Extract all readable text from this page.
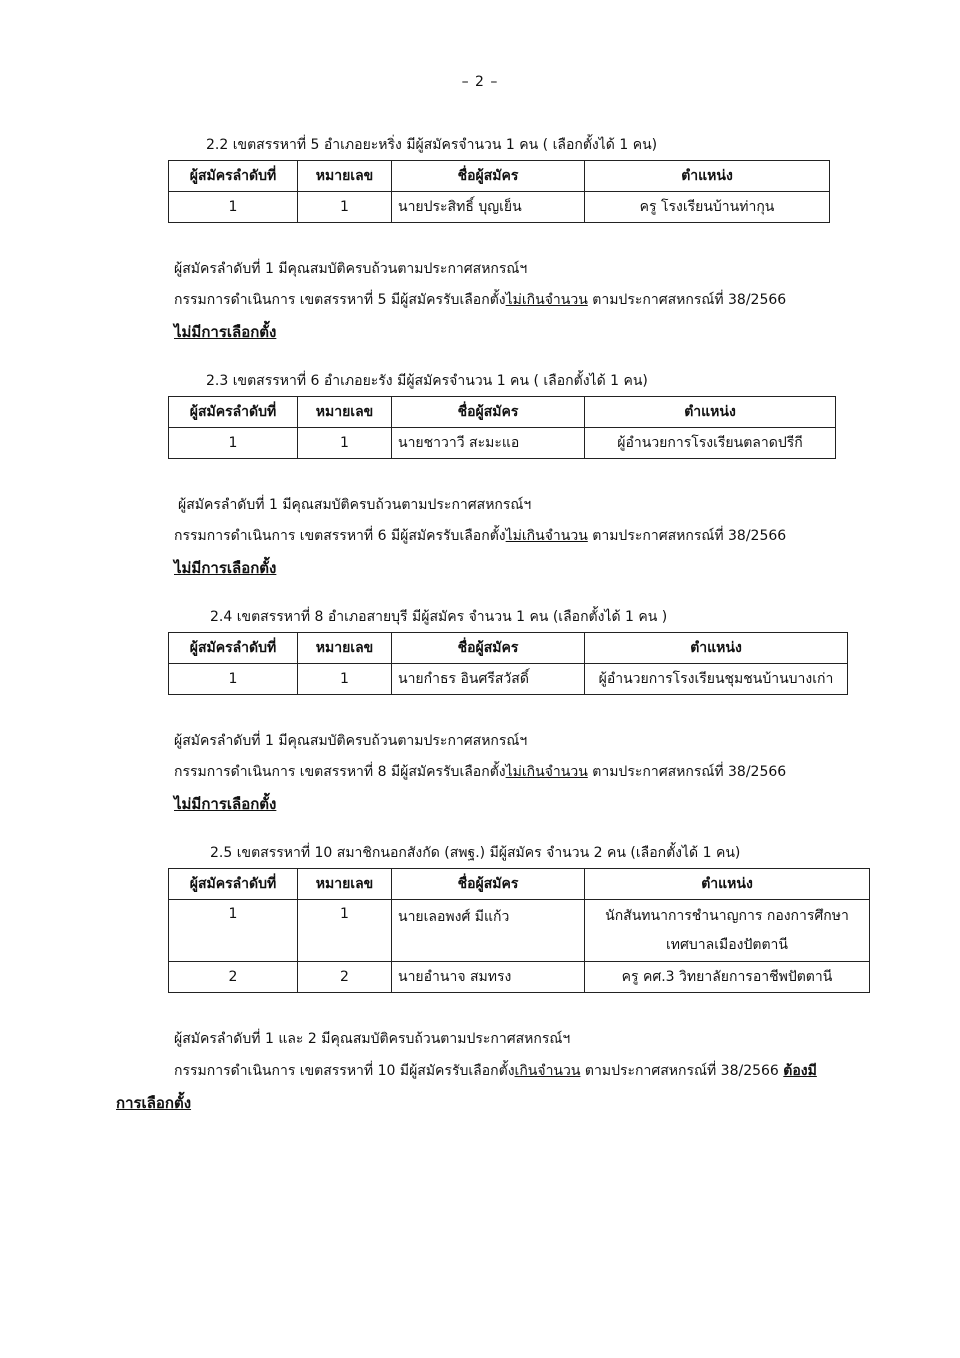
– 2 –
2.2 เขตสรรหาที่ 5 อำเภอยะหริ่ง มีผู้สมัครจำนวน 1 คน ( เลือกตั้งได้ 1 คน)
ผู้สมัครลำดับที่	หมายเลข	ชื่อผู้สมัคร	ตำแหน่ง
1	1	นายประสิทธิ์ บุญเย็น	ครู โรงเรียนบ้านท่ากุน
ผู้สมัครลำดับที่ 1 มีคุณสมบัติครบถ้วนตามประกาศสหกรณ์ฯ
กรรมการดำเนินการ เขตสรรหาที่ 5 มีผู้สมัครรับเลือกตั้งไม่เกินจำนวน ตามประกาศสหกรณ์ที่ 38/2566
ไม่มีการเลือกตั้ง
2.3 เขตสรรหาที่ 6 อำเภอยะรัง มีผู้สมัครจำนวน 1 คน ( เลือกตั้งได้ 1 คน)
ผู้สมัครลำดับที่	หมายเลข	ชื่อผู้สมัคร	ตำแหน่ง
1	1	นายชาวาวี สะมะแอ	ผู้อำนวยการโรงเรียนตลาดปรีกี
ผู้สมัครลำดับที่ 1 มีคุณสมบัติครบถ้วนตามประกาศสหกรณ์ฯ
กรรมการดำเนินการ เขตสรรหาที่ 6 มีผู้สมัครรับเลือกตั้งไม่เกินจำนวน ตามประกาศสหกรณ์ที่ 38/2566
ไม่มีการเลือกตั้ง
2.4 เขตสรรหาที่ 8 อำเภอสายบุรี มีผู้สมัคร จำนวน 1 คน (เลือกตั้งได้ 1 คน )
ผู้สมัครลำดับที่	หมายเลข	ชื่อผู้สมัคร	ตำแหน่ง
1	1	นายกำธร อินศรีสวัสดิ์	ผู้อำนวยการโรงเรียนชุมชนบ้านบางเก่า
ผู้สมัครลำดับที่ 1 มีคุณสมบัติครบถ้วนตามประกาศสหกรณ์ฯ
กรรมการดำเนินการ เขตสรรหาที่ 8 มีผู้สมัครรับเลือกตั้งไม่เกินจำนวน ตามประกาศสหกรณ์ที่ 38/2566
ไม่มีการเลือกตั้ง
2.5 เขตสรรหาที่ 10 สมาชิกนอกสังกัด (สพฐ.) มีผู้สมัคร จำนวน 2 คน (เลือกตั้งได้ 1 คน)
ผู้สมัครลำดับที่	หมายเลข	ชื่อผู้สมัคร	ตำแหน่ง
1	1	นายเลอพงศ์ มีแก้ว	นักสันทนาการชำนาญการ กองการศึกษา
เทศบาลเมืองปัตตานี

2	2	นายอำนาจ สมทรง	ครู คศ.3 วิทยาลัยการอาชีพปัตตานี
ผู้สมัครลำดับที่ 1 และ 2 มีคุณสมบัติครบถ้วนตามประกาศสหกรณ์ฯ
กรรมการดำเนินการ เขตสรรหาที่ 10 มีผู้สมัครรับเลือกตั้งเกินจำนวน ตามประกาศสหกรณ์ที่ 38/2566 ต้องมี
การเลือกตั้ง
